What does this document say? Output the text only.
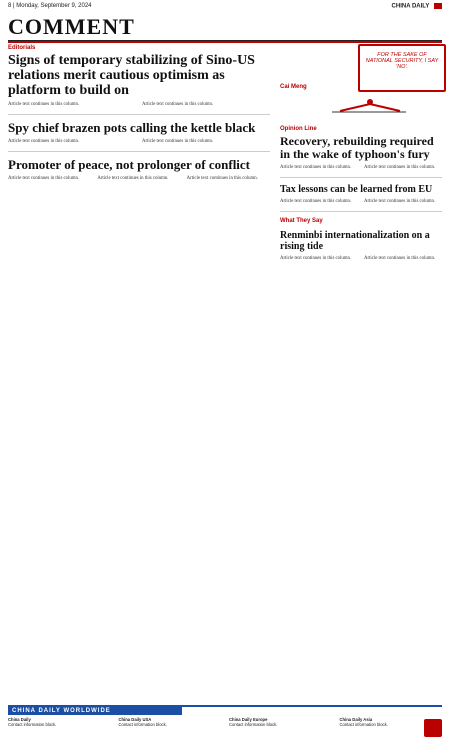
8 | Monday, September 9, 2024	CHINA DAILY
COMMENT
Editorials
Signs of temporary stabilizing of Sino-US relations merit cautious optimism as platform to build on
Article text continues in this column.	Article text continues in this column.
Spy chief brazen pots calling the kettle black
Article text continues in this column.	Article text continues in this column.
Promoter of peace, not prolonger of conflict
Article text continues in this column.	Article text continues in this column.	Article text continues in this column.
Cai Meng
FOR THE SAKE OF NATIONAL SECURITY, I SAY 'NO'.
Opinion Line
Recovery, rebuilding required in the wake of typhoon's fury
Article text continues in this column.	Article text continues in this column.
Tax lessons can be learned from EU
Article text continues in this column.	Article text continues in this column.
What They Say
Renminbi internationalization on a rising tide
Article text continues in this column.	Article text continues in this column.
CHINA DAILY WORLDWIDE
China Daily
Contact information block.
China Daily USA
Contact information block.
China Daily Europe
Contact information block.
China Daily Asia
Contact information block.
